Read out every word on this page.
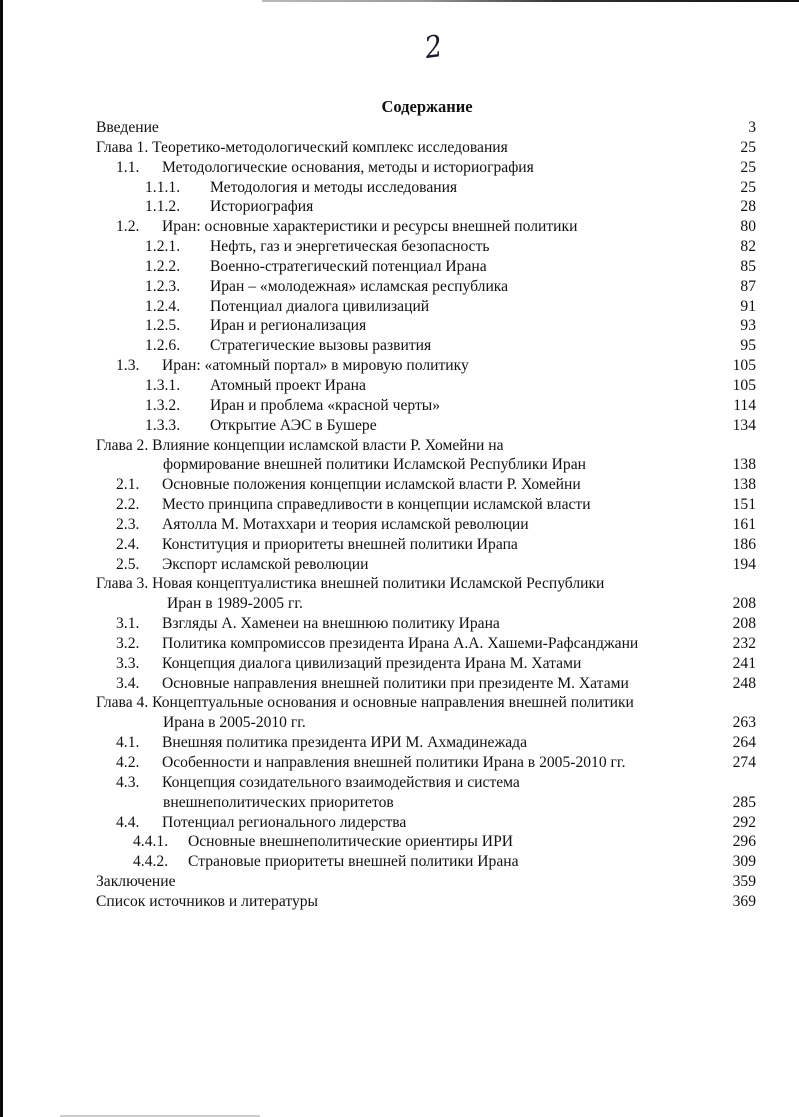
2
Содержание
Введение	3
Глава 1. Теоретико-методологический комплекс исследования	25
1.1. Методологические основания, методы и историография	25
1.1.1. Методология и методы исследования	25
1.1.2. Историография	28
1.2. Иран: основные характеристики и ресурсы внешней политики	80
1.2.1. Нефть, газ и энергетическая безопасность	82
1.2.2. Военно-стратегический потенциал Ирана	85
1.2.3. Иран – «молодежная» исламская республика	87
1.2.4. Потенциал диалога цивилизаций	91
1.2.5. Иран и регионализация	93
1.2.6. Стратегические вызовы развития	95
1.3. Иран: «атомный портал» в мировую политику	105
1.3.1. Атомный проект Ирана	105
1.3.2. Иран и проблема «красной черты»	114
1.3.3. Открытие АЭС в Бушере	134
Глава 2. Влияние концепции исламской власти Р. Хомейни на
формирование внешней политики Исламской Республики Иран	138
2.1. Основные положения концепции исламской власти Р. Хомейни	138
2.2. Место принципа справедливости в концепции исламской власти	151
2.3. Аятолла М. Мотаххари и теория исламской революции	161
2.4. Конституция и приоритеты внешней политики Ирапа	186
2.5. Экспорт исламской революции	194
Глава 3. Новая концептуалистика внешней политики Исламской Республики
Иран в 1989-2005 гг.	208
3.1. Взгляды А. Хаменеи на внешнюю политику Ирана	208
3.2. Политика компромиссов президента Ирана А.А. Хашеми-Рафсанджани	232
3.3. Концепция диалога цивилизаций президента Ирана М. Хатами	241
3.4. Основные направления внешней политики при президенте М. Хатами	248
Глава 4. Концептуальные основания и основные направления внешней политики
Ирана в 2005-2010 гг.	263
4.1. Внешняя политика президента ИРИ М. Ахмадинежада	264
4.2. Особенности и направления внешней политики Ирана в 2005-2010 гг.	274
4.3. Концепция созидательного взаимодействия и система
внешнеполитических приоритетов	285
4.4. Потенциал регионального лидерства	292
4.4.1. Основные внешнеполитические ориентиры ИРИ	296
4.4.2. Страновые приоритеты внешней политики Ирана	309
Заключение	359
Список источников и литературы	369
